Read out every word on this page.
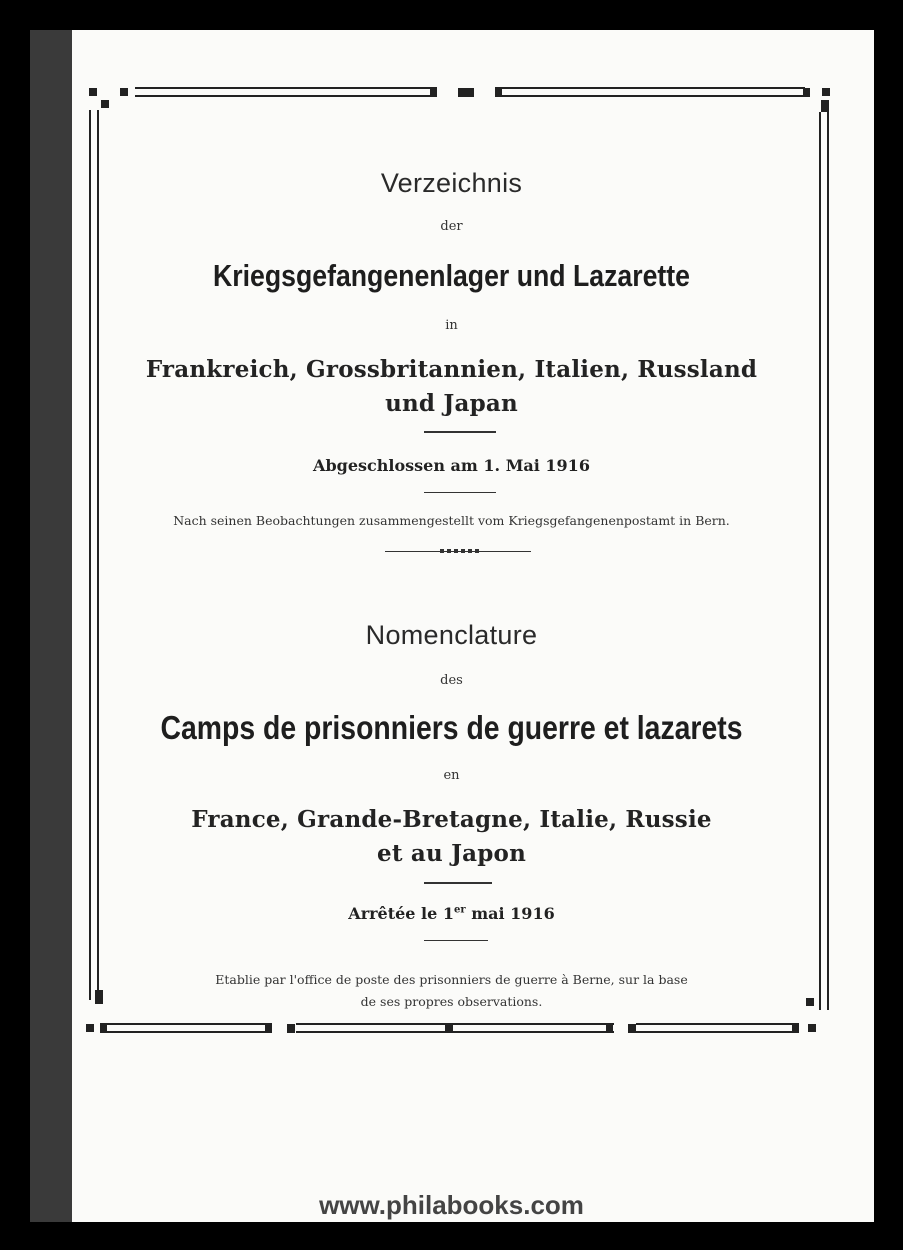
Verzeichnis
der
Kriegsgefangenenlager und Lazarette
in
Frankreich, Grossbritannien, Italien, Russland
und Japan
Abgeschlossen am 1. Mai 1916
Nach seinen Beobachtungen zusammengestellt vom Kriegsgefangenenpostamt in Bern.
Nomenclature
des
Camps de prisonniers de guerre et lazarets
en
France, Grande-Bretagne, Italie, Russie
et au Japon
Arrêtée le 1er mai 1916
Etablie par l'office de poste des prisonniers de guerre à Berne, sur la base
de ses propres observations.
www.philabooks.com
